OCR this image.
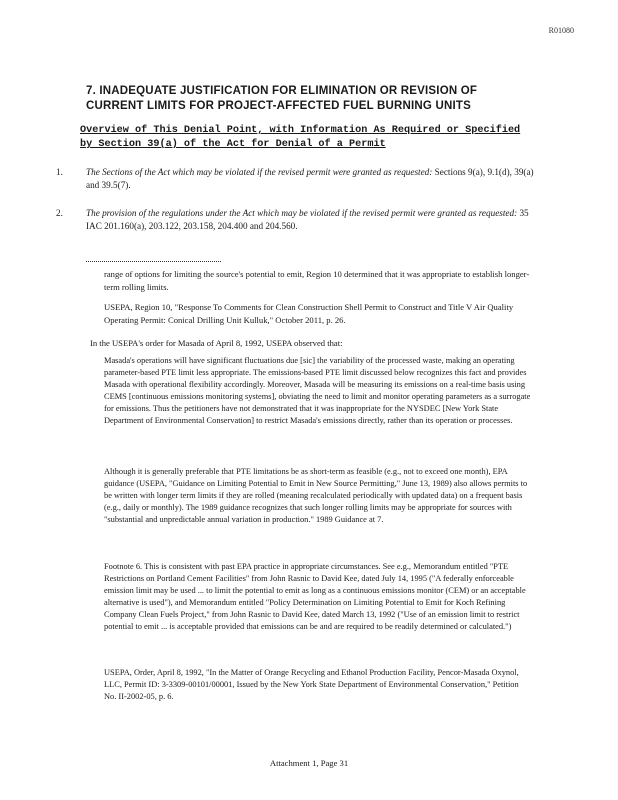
R01080
7. INADEQUATE JUSTIFICATION FOR ELIMINATION OR REVISION OF CURRENT LIMITS FOR PROJECT-AFFECTED FUEL BURNING UNITS
Overview of This Denial Point, with Information As Required or Specified by Section 39(a) of the Act for Denial of a Permit
1.	The Sections of the Act which may be violated if the revised permit were granted as requested: Sections 9(a), 9.1(d), 39(a) and 39.5(7).

2.	The provision of the regulations under the Act which may be violated if the revised permit were granted as requested: 35 IAC 201.160(a), 203.122, 203.158, 204.400 and 204.560.

range of options for limiting the source's potential to emit, Region 10 determined that it was appropriate to establish longer-term rolling limits.

USEPA, Region 10, "Response To Comments for Clean Construction Shell Permit to Construct and Title V Air Quality Operating Permit: Conical Drilling Unit Kulluk," October 2011, p. 26.

In the USEPA's order for Masada of April 8, 1992, USEPA observed that:

Masada's operations will have significant fluctuations due [sic] the variability of the processed waste, making an operating parameter-based PTE limit less appropriate. The emissions-based PTE limit discussed below recognizes this fact and provides Masada with operational flexibility accordingly. Moreover, Masada will be measuring its emissions on a real-time basis using CEMS [continuous emissions monitoring systems], obviating the need to limit and monitor operating parameters as a surrogate for emissions. Thus the petitioners have not demonstrated that it was inappropriate for the NYSDEC [New York State Department of Environmental Conservation] to restrict Masada's emissions directly, rather than its operation or processes.

Although it is generally preferable that PTE limitations be as short-term as feasible (e.g., not to exceed one month), EPA guidance (USEPA, "Guidance on Limiting Potential to Emit in New Source Permitting," June 13, 1989) also allows permits to be written with longer term limits if they are rolled (meaning recalculated periodically with updated data) on a frequent basis (e.g., daily or monthly). The 1989 guidance recognizes that such longer rolling limits may be appropriate for sources with "substantial and unpredictable annual variation in production." 1989 Guidance at 7.

Footnote 6. This is consistent with past EPA practice in appropriate circumstances. See e.g., Memorandum entitled "PTE Restrictions on Portland Cement Facilities" from John Rasnic to David Kee, dated July 14, 1995 ("A federally enforceable emission limit may be used ... to limit the potential to emit as long as a continuous emissions monitor (CEM) or an acceptable alternative is used"), and Memorandum entitled "Policy Determination on Limiting Potential to Emit for Koch Refining Company Clean Fuels Project," from John Rasnic to David Kee, dated March 13, 1992 ("Use of an emission limit to restrict potential to emit ... is acceptable provided that emissions can be and are required to be readily determined or calculated.")

USEPA, Order, April 8, 1992, "In the Matter of Orange Recycling and Ethanol Production Facility, Pencor-Masada Oxynol, LLC, Permit ID: 3-3309-00101/00001, Issued by the New York State Department of Environmental Conservation," Petition No. II-2002-05, p. 6.

Attachment 1, Page 31
